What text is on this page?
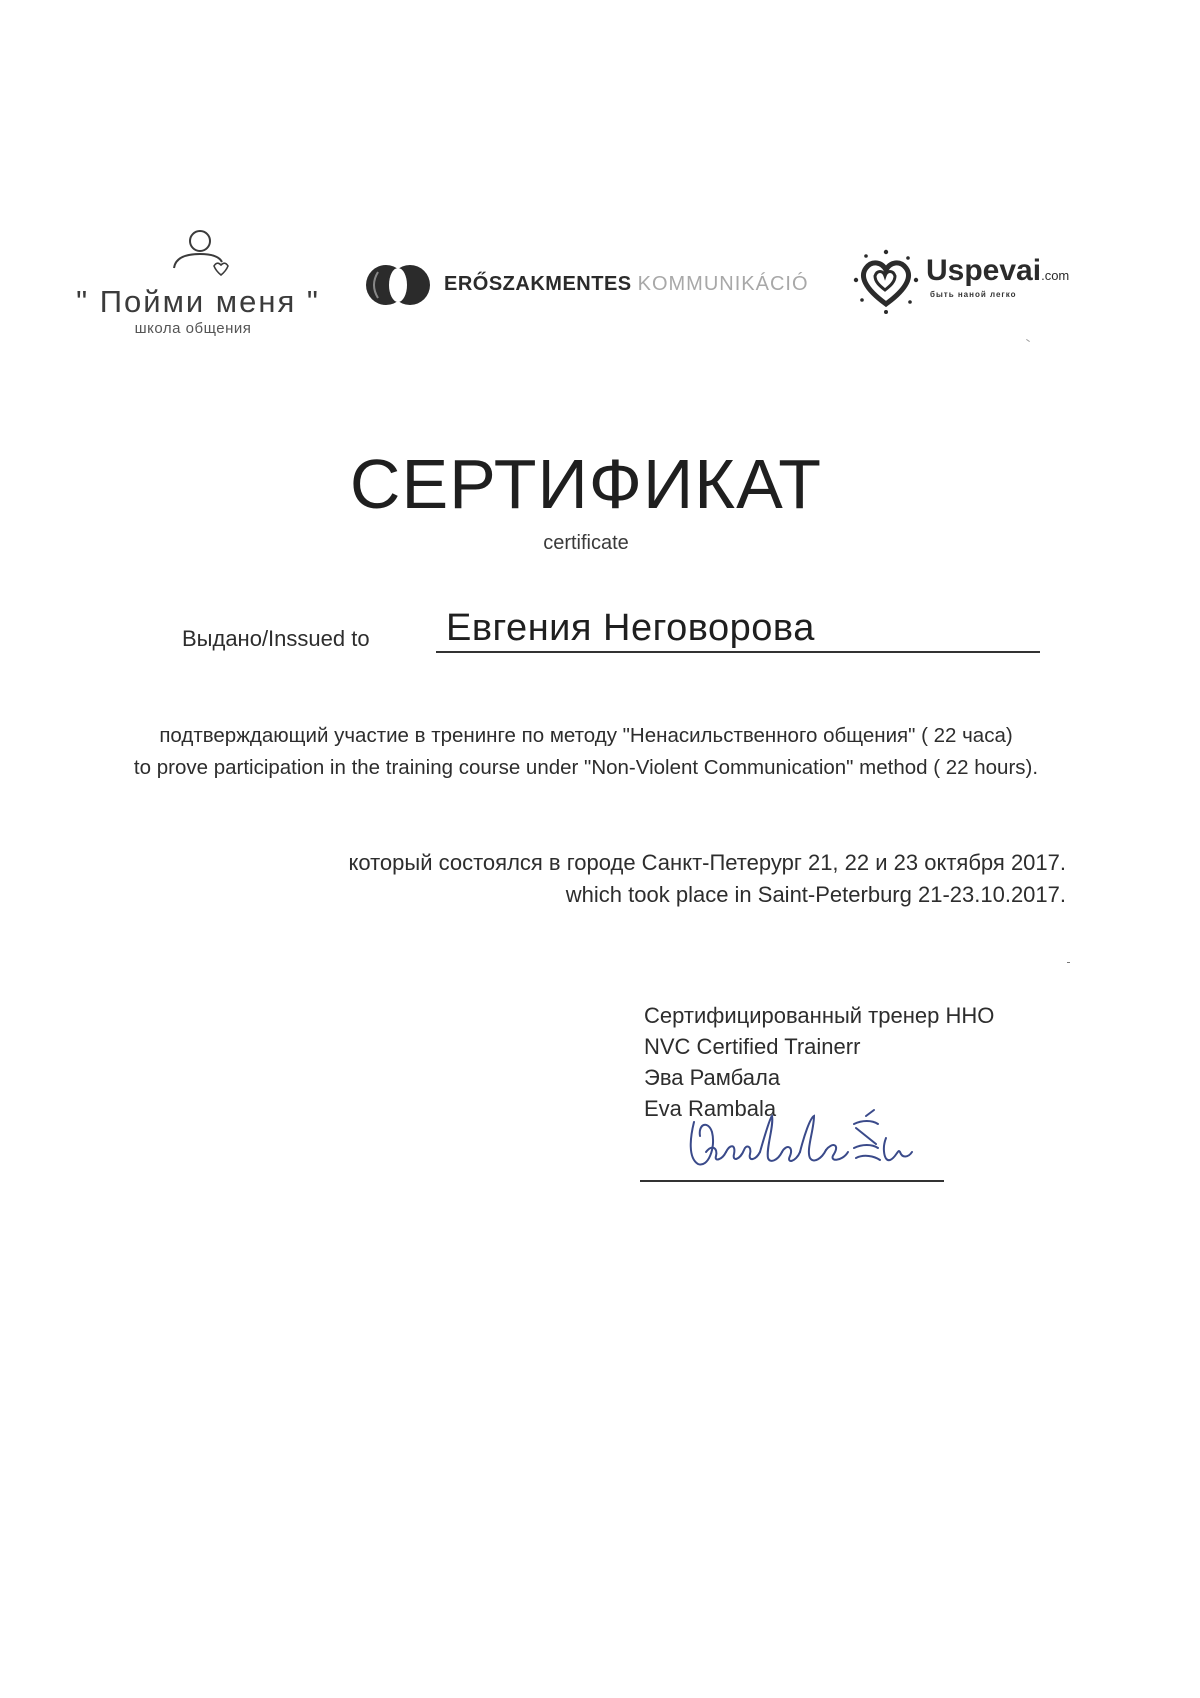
" Пойми меня "
школа общения
ERŐSZAKMENTES KOMMUNIKÁCIÓ	Uspevai.com
быть наной легко
СЕРТИФИКАТ
certificate
Выдано/Inssued to Евгения Неговорова
подтверждающий участие в тренинге по методу "Ненасильственного общения" ( 22 часа)
to prove participation in the training course under "Non-Violent Communication" method ( 22 hours).
который состоялся в городе Санкт-Петерург 21, 22 и 23 октября 2017.
which took place in Saint-Peterburg 21-23.10.2017.
Сертифицированный тренер ННО
NVC Certified Trainerr
Эва Рамбала
Eva Rambala
